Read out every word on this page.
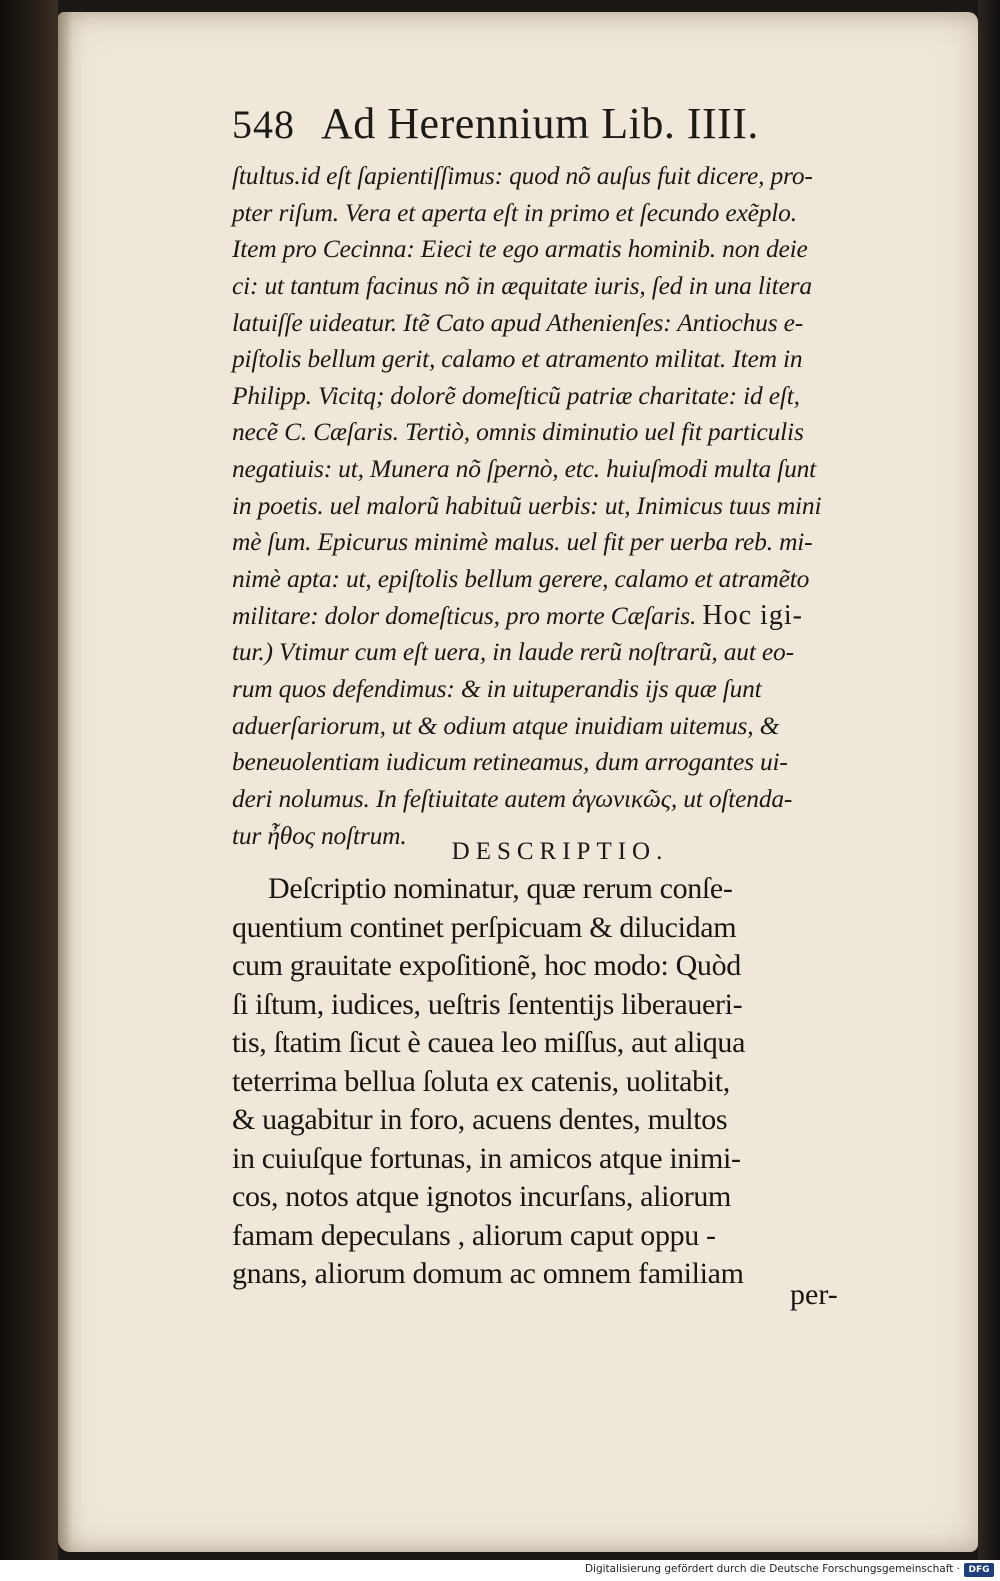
548 Ad Herennium Lib. IIII.
ſtultus.id eſt ſapientiſſimus: quod nõ auſus fuit dicere, pro-
pter riſum. Vera et aperta eſt in primo et ſecundo exẽplo.
Item pro Cecinna: Eieci te ego armatis hominib. non deie
ci: ut tantum facinus nõ in æquitate iuris, ſed in una litera
latuiſſe uideatur. Itẽ Cato apud Athenienſes: Antiochus e-
piſtolis bellum gerit, calamo et atramento militat. Item in
Philipp. Vicitq; dolorẽ domeſticũ patriæ charitate: id eſt,
necẽ C. Cæſaris. Tertiò, omnis diminutio uel fit particulis
negatiuis: ut, Munera nõ ſpernò, etc. huiuſmodi multa ſunt
in poetis. uel malorũ habituũ uerbis: ut, Inimicus tuus mini
mè ſum. Epicurus minimè malus. uel fit per uerba reb. mi-
nimè apta: ut, epiſtolis bellum gerere, calamo et atramẽto
militare: dolor domeſticus, pro morte Cæſaris. Hoc igi-
tur.) Vtimur cum eſt uera, in laude rerũ noſtrarũ, aut eo-
rum quos defendimus: & in uituperandis ijs quæ ſunt
aduerſariorum, ut & odium atque inuidiam uitemus, &
beneuolentiam iudicum retineamus, dum arrogantes ui-
deri nolumus. In feſtiuitate autem ἀγωνικῶς, ut oſtenda-
tur ἦθος noſtrum.
DESCRIPTIO.
Deſcriptio nominatur, quæ rerum conſe-
quentium continet perſpicuam & dilucidam
cum grauitate expoſitionẽ, hoc modo: Quòd
ſi iſtum, iudices, ueſtris ſententijs liberaueri-
tis, ſtatim ſicut è cauea leo miſſus, aut aliqua
teterrima bellua ſoluta ex catenis, uolitabit,
& uagabitur in foro, acuens dentes, multos
in cuiuſque fortunas, in amicos atque inimi-
cos, notos atque ignotos incurſans, aliorum
famam depeculans , aliorum caput oppu -
gnans, aliorum domum ac omnem familiam
per-
Digitalisierung gefördert durch die Deutsche Forschungsgemeinschaft · DFG
